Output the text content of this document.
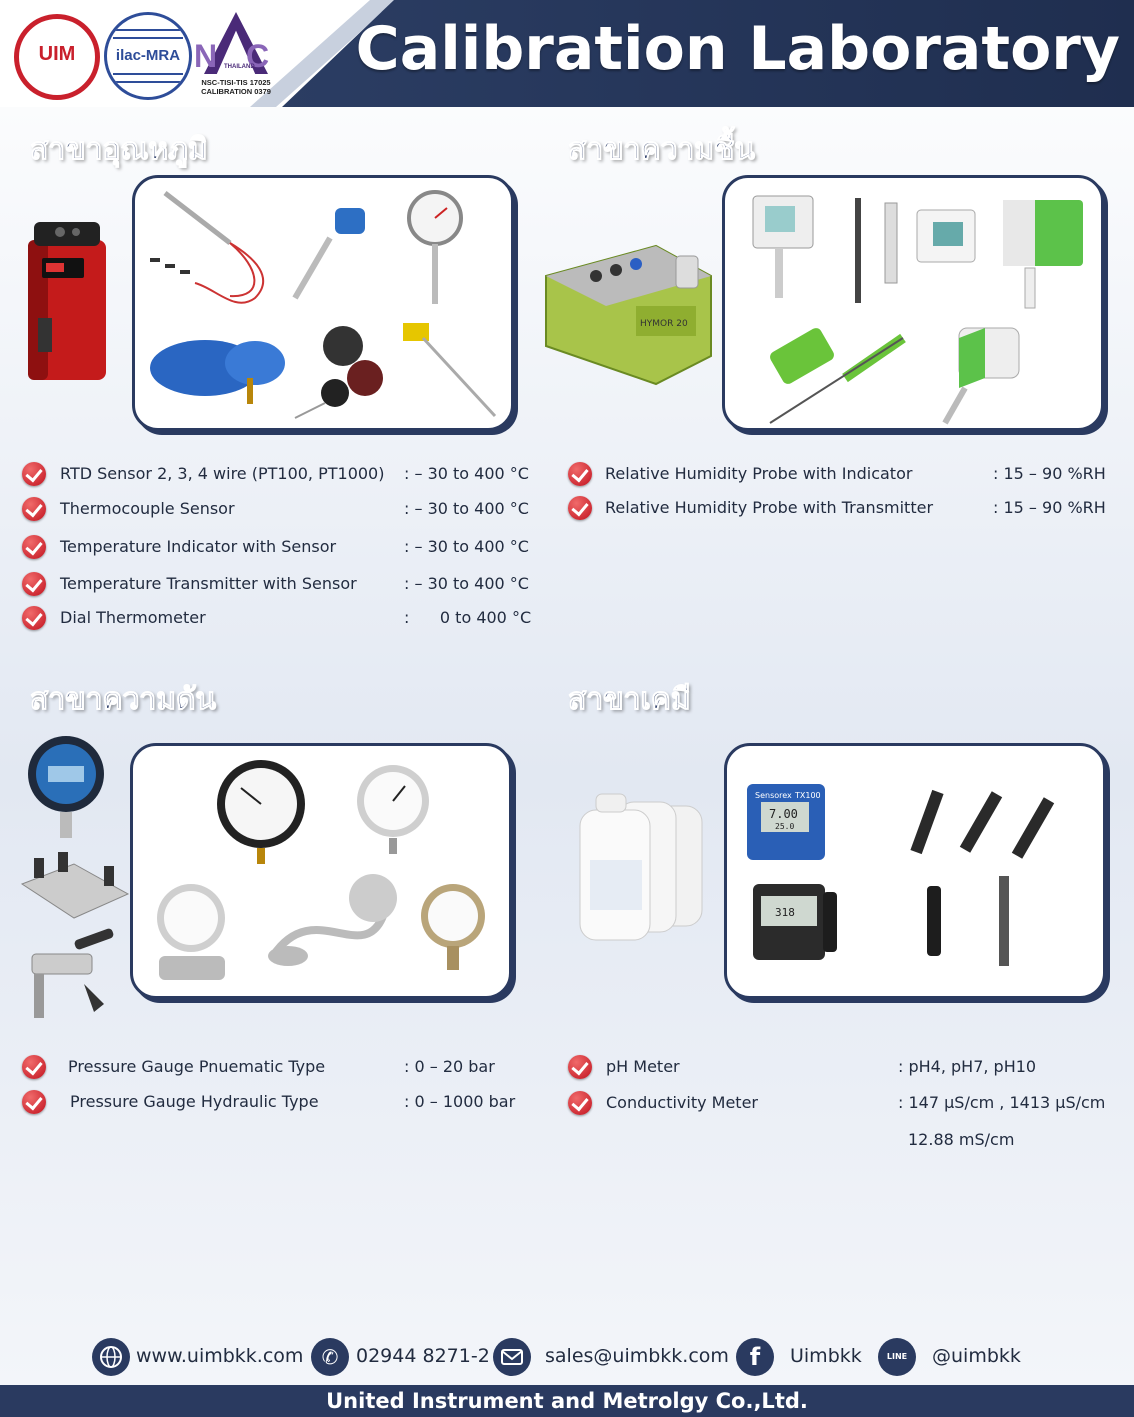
Calibration Laboratory
UIM	ilac-MRA N C
THAILAND
NSC-TISI-TIS 17025
CALIBRATION 0379
สาขาอุณหภูมิ
RTD Sensor 2, 3, 4 wire (PT100, PT1000) : – 30 to 400 °C
Thermocouple Sensor	: – 30 to 400 °C
Temperature Indicator with Sensor	: – 30 to 400 °C
Temperature Transmitter with Sensor	: – 30 to 400 °C
Dial Thermometer	:      0 to 400 °C
สาขาความชื้น
HYMOR 20
Relative Humidity Probe with Indicator	: 15 – 90 %RH
Relative Humidity Probe with Transmitter	: 15 – 90 %RH
สาขาความดัน
Pressure Gauge Pnuematic Type	: 0 – 20 bar
Pressure Gauge Hydraulic Type	: 0 – 1000 bar
สาขาเคมี
Sensorex TX100
7.00
25.0
318
pH Meter	: pH4, pH7, pH10
Conductivity Meter	: 147 µS/cm , 1413 µS/cm
12.88 mS/cm
www.uimbkk.com ✆ 02944 8271-2	sales@uimbkk.com f	Uimbkk	LINE	@uimbkk
United Instrument and Metrolgy Co.,Ltd.
